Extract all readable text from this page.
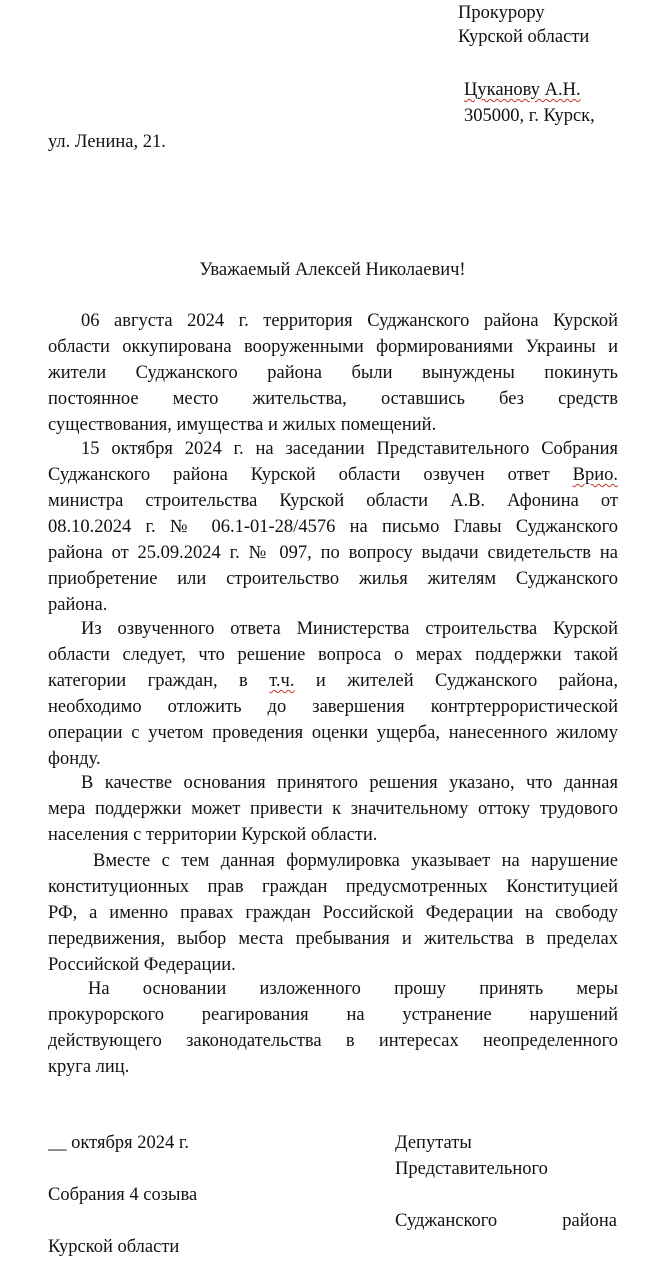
Прокурору
Курской области
Цуканову А.Н.
305000, г. Курск,
ул. Ленина, 21.
Уважаемый Алексей Николаевич!
06 августа 2024 г. территория Суджанского района Курской
области оккупирована вооруженными формированиями Украины и
жители Суджанского района были вынуждены покинуть
постоянное место жительства, оставшись без средств
существования, имущества и жилых помещений.
15 октября 2024 г. на заседании Представительного Собрания
Суджанского района Курской области озвучен ответ Врио.
министра строительства Курской области А.В. Афонина от
08.10.2024 г. № 06.1-01-28/4576 на письмо Главы Суджанского
района от 25.09.2024 г. № 097, по вопросу выдачи свидетельств на
приобретение или строительство жилья жителям Суджанского
района.
Из озвученного ответа Министерства строительства Курской
области следует, что решение вопроса о мерах поддержки такой
категории граждан, в т.ч. и жителей Суджанского района,
необходимо отложить до завершения контртеррористической
операции с учетом проведения оценки ущерба, нанесенного жилому
фонду.
В качестве основания принятого решения указано, что данная
мера поддержки может привести к значительному оттоку трудового
населения с территории Курской области.
Вместе с тем данная формулировка указывает на нарушение
конституционных прав граждан предусмотренных Конституцией
РФ, а именно правах граждан Российской Федерации на свободу
передвижения, выбор места пребывания и жительства в пределах
Российской Федерации.
На основании изложенного прошу принять меры
прокурорского реагирования на устранение нарушений
действующего законодательства в интересах неопределенного
круга лиц.
__ октября 2024 г.	Депутаты
Представительного
Собрания 4 созыва
Суджанского района
Курской области
